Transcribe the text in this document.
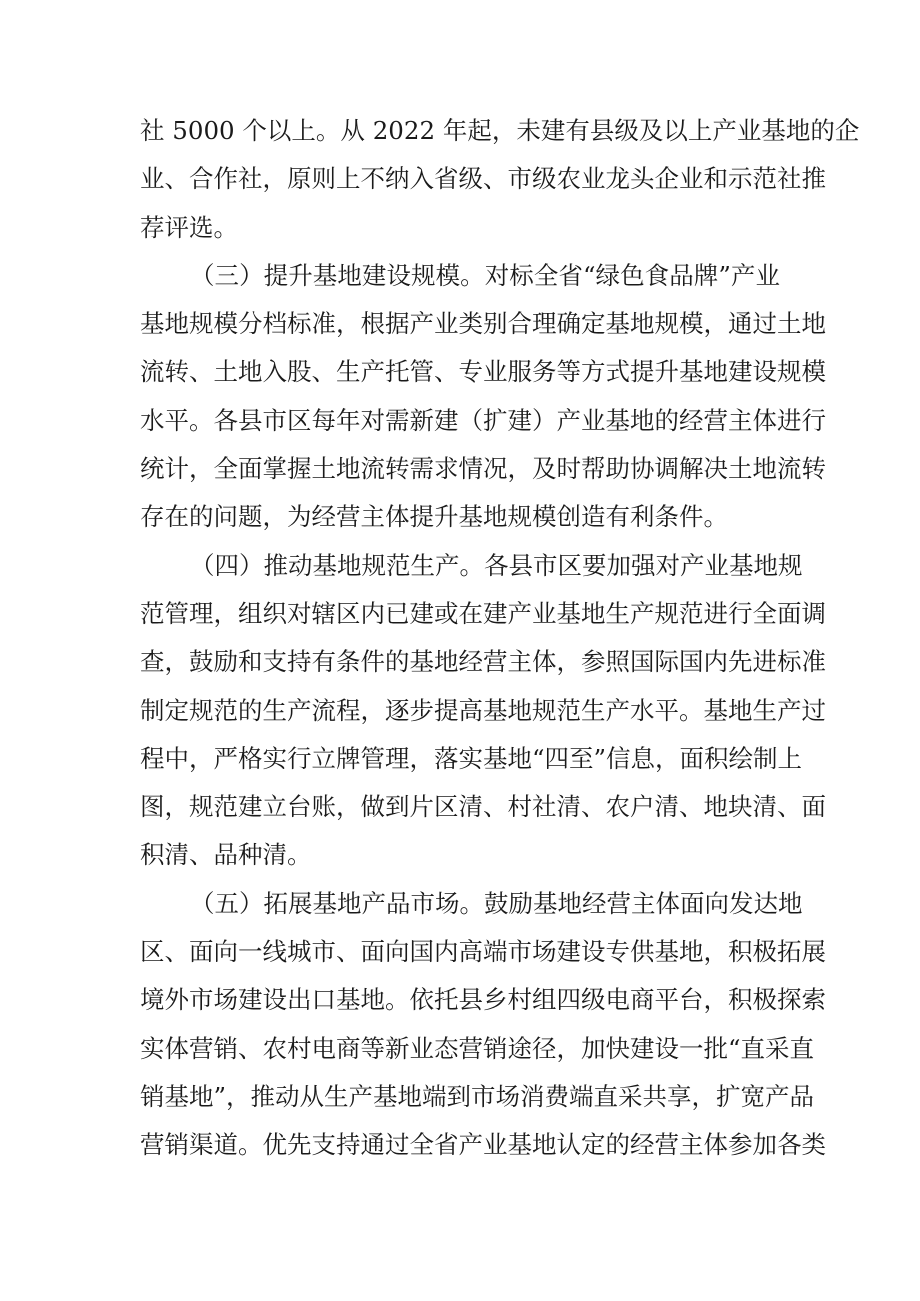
社 5000 个以上。从 2022 年起，未建有县级及以上产业基地的企
业、合作社，原则上不纳入省级、市级农业龙头企业和示范社推
荐评选。
（三）提升基地建设规模。对标全省“绿色食品牌”产业
基地规模分档标准，根据产业类别合理确定基地规模，通过土地
流转、土地入股、生产托管、专业服务等方式提升基地建设规模
水平。各县市区每年对需新建（扩建）产业基地的经营主体进行
统计，全面掌握土地流转需求情况，及时帮助协调解决土地流转
存在的问题，为经营主体提升基地规模创造有利条件。
（四）推动基地规范生产。各县市区要加强对产业基地规
范管理，组织对辖区内已建或在建产业基地生产规范进行全面调
查，鼓励和支持有条件的基地经营主体，参照国际国内先进标准
制定规范的生产流程，逐步提高基地规范生产水平。基地生产过
程中，严格实行立牌管理，落实基地“四至”信息，面积绘制上
图，规范建立台账，做到片区清、村社清、农户清、地块清、面
积清、品种清。
（五）拓展基地产品市场。鼓励基地经营主体面向发达地
区、面向一线城市、面向国内高端市场建设专供基地，积极拓展
境外市场建设出口基地。依托县乡村组四级电商平台，积极探索
实体营销、农村电商等新业态营销途径，加快建设一批“直采直
销基地”，推动从生产基地端到市场消费端直采共享，扩宽产品
营销渠道。优先支持通过全省产业基地认定的经营主体参加各类
